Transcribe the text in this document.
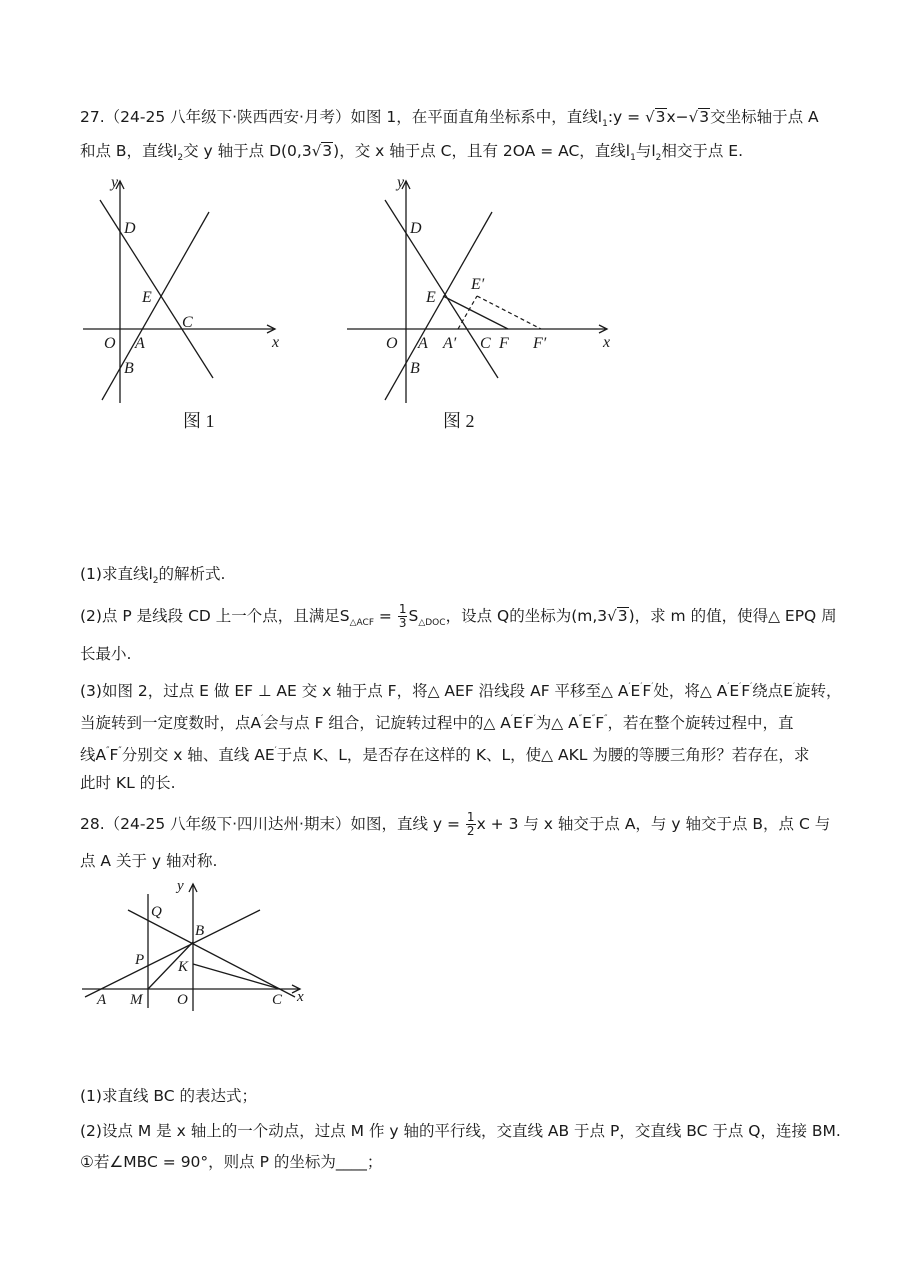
27.（24-25 八年级下·陕西西安·月考）如图 1，在平面直角坐标系中，直线$l_1:y = √3x-√3$交坐标轴于点 A
和点 B，直线$l_2$交 y 轴于点 D(0,3√3)，交 x 轴于点 C，且有 2OA = AC，直线$l_1$与$l_2$相交于点 E.
y
x
D
E
C
O A
B
图 1
y
x
D
E
E′
O A A′ C F F′
B
图 2
(1)求直线$l_2$的解析式.
(2)点 P 是线段 CD 上一个点，且满足$S_{\triangle ACF} = \frac{1}{3} S_{\triangle DOC}$，设点 Q的坐标为(m,3√3)，求 m 的值，使得△ EPQ 周
长最小.
(3)如图 2，过点 E 做 EF ⊥ AE 交 x 轴于点 F，将△ AEF 沿线段 AF 平移至△ A′E′F′处，将△ A′E′F′绕点E′旋转，
当旋转到一定度数时，点A′会与点 F 组合，记旋转过程中的△ A′E′F′为△ A″E″F″，若在整个旋转过程中，直
线A″F″分别交 x 轴、直线 AE′于点 K、L，是否存在这样的 K、L，使△ AKL 为腰的等腰三角形？若存在，求
此时 KL 的长.
28.（24-25 八年级下·四川达州·期末）如图，直线 $y = \frac{1}{2}$ x + 3 与 x 轴交于点 A，与 y 轴交于点 B，点 C 与
点 A 关于 y 轴对称.
y
x
Q
B
P K
A M O	C
(1)求直线 BC 的表达式；
(2)设点 M 是 x 轴上的一个动点，过点 M 作 y 轴的平行线，交直线 AB 于点 P，交直线 BC 于点 Q，连接 BM.
①若∠MBC = 90°，则点 P 的坐标为____；
